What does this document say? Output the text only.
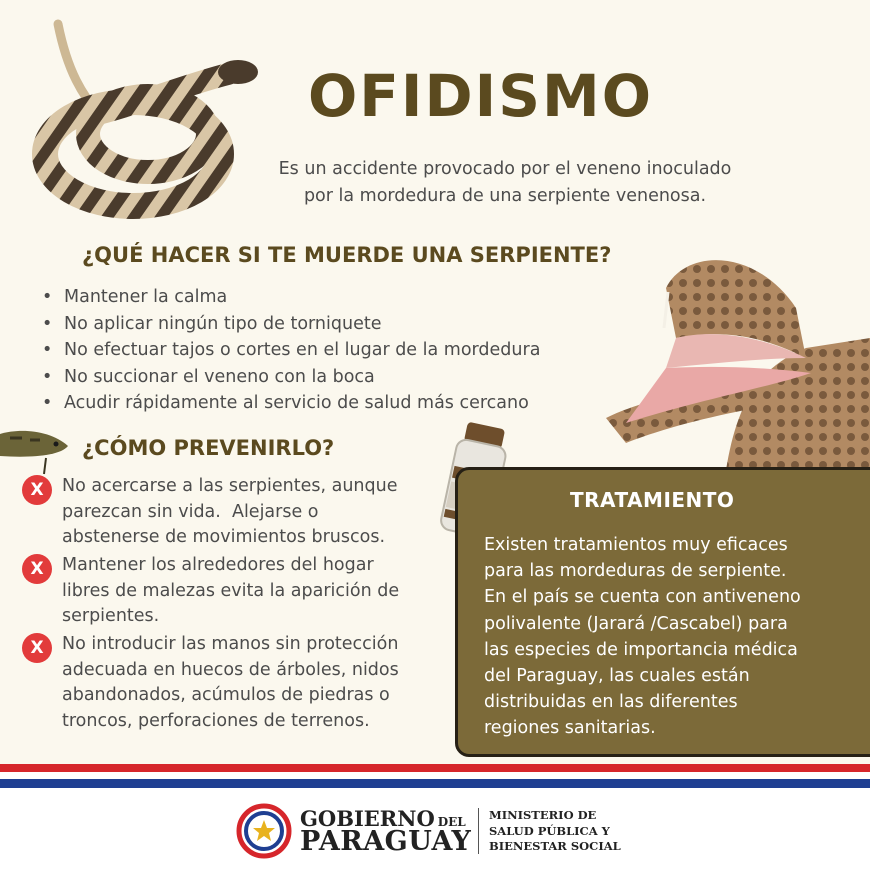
OFIDISMO
Es un accidente provocado por el veneno inoculado
por la mordedura de una serpiente venenosa.
¿QUÉ HACER SI TE MUERDE UNA SERPIENTE?
• Mantener la calma
• No aplicar ningún tipo de torniquete
• No efectuar tajos o cortes en el lugar de la mordedura
• No succionar el veneno con la boca
• Acudir rápidamente al servicio de salud más cercano
¿CÓMO PREVENIRLO?
X	No acercarse a las serpientes, aunque
parezcan sin vida.  Alejarse o
abstenerse de movimientos bruscos.
X	Mantener los alrededores del hogar
libres de malezas evita la aparición de
serpientes.
X	No introducir las manos sin protección
adecuada en huecos de árboles, nidos
abandonados, acúmulos de piedras o
troncos, perforaciones de terrenos.
TRATAMIENTO
Existen tratamientos muy eficaces
para las mordeduras de serpiente.
En el país se cuenta con antiveneno
polivalente (Jarará /Cascabel) para
las especies de importancia médica
del Paraguay, las cuales están
distribuidas en las diferentes
regiones sanitarias.
GOBIERNO DEL
PARAGUAY
MINISTERIO DE
SALUD PÚBLICA Y
BIENESTAR SOCIAL
